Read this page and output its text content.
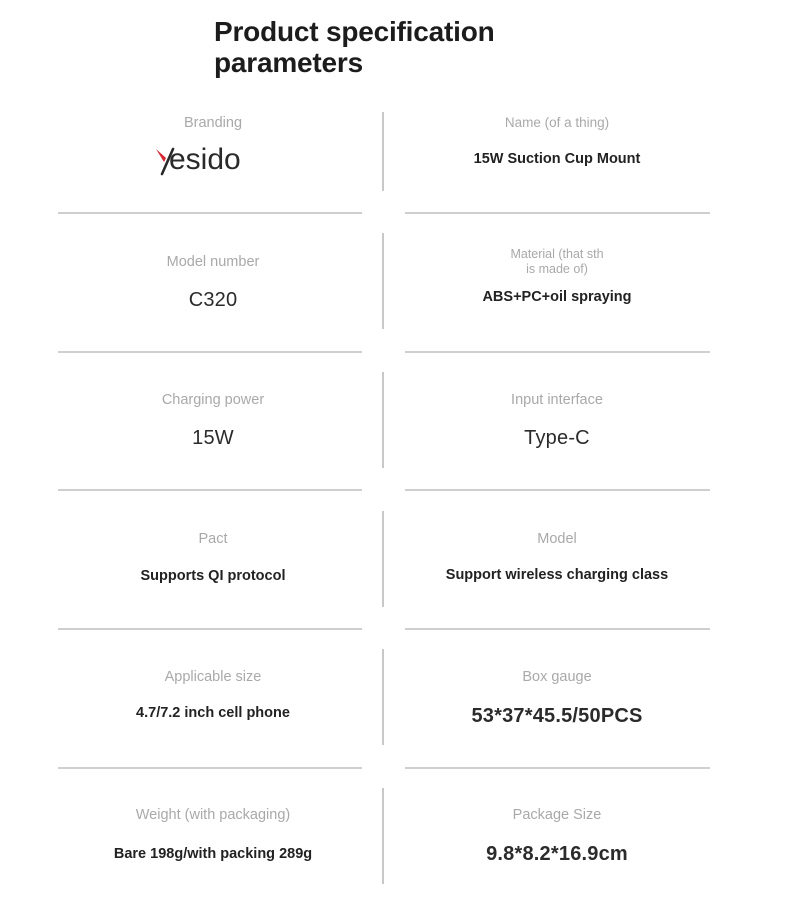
Product specification
parameters
Branding
esido
Name (of a thing)
15W Suction Cup Mount
Model number
C320
Material (that sth
is made of)
ABS+PC+oil spraying
Charging power
15W
Input interface
Type-C
Pact
Supports QI protocol
Model
Support wireless charging class
Applicable size
4.7/7.2 inch cell phone
Box gauge
53*37*45.5/50PCS
Weight (with packaging)
Bare 198g/with packing 289g
Package Size
9.8*8.2*16.9cm
